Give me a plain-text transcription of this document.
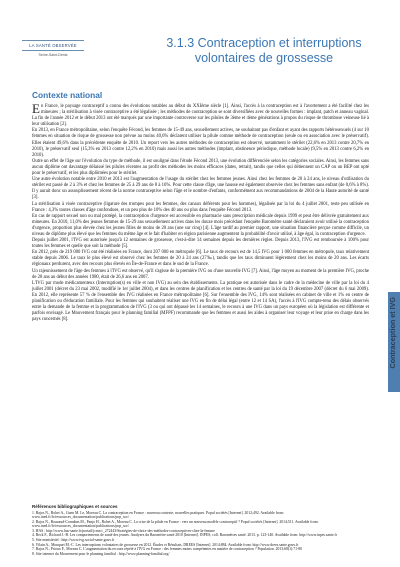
LA SANTÉ OBSERVÉE
Seine-Saint-Denis
3.1.3 Contraception et interruptions
volontaires de grossesse
Contexte national

En France, le paysage contraceptif a connu des évolutions notables au début du XXIème siècle [1]. Ainsi, l'accès à la contraception est à l'avortement a été facilité chez les mineures ; la stérilisation à visée contraceptive a été légalisée ; les méthodes de contraception se sont diversifiées avec de nouvelles formes : implant, patch et anneau vaginal. La fin de l'année 2012 et le début 2013 ont été marqués par une importante controverse sur les pilules de 3ème et 4ème générations à propos du risque de thrombose veineuse lié à leur utilisation [2].

En 2013, en France métropolitaine, selon l'enquête Fécond, les femmes de 15-49 ans, sexuellement actives, ne souhaitant pas d'enfant et ayant des rapports hétérosexuels (4 sur 10 femmes en situation de risque de grossesse non prévue au moins 40,6% déclarent utiliser la pilule comme méthode de contraception (seule ou en association avec le préservatif). Elles étaient 49,6% dans la précédente enquête de 2010. Un report vers les autres méthodes de contraception est observé, notamment le stérilet (22,6% en 2013 contre 20,7% en 2010), le préservatif seul (15,3% en 2013 contre 12,2% en 2010) mais aussi les autres méthodes (implant, abstinence périodique, méthode locale) (9,5% en 2013 contre 6,2% en 2010).

Outre un effet de l'âge sur l'évolution du type de méthode, il est souligné dans l'étude Fécond 2013, une évolution différenciée selon les catégories sociales. Ainsi, les femmes sans aucun diplôme ont davantage délaissé les pilules récentes au profit des méthodes les moins efficaces (dates, retrait), tandis que celles qui détiennent un CAP ou un BEP ont opté pour le préservatif, et les plus diplômées pour le stérilet.

Une autre évolution notable entre 2010 et 2013 est l'augmentation de l'usage du stérilet chez les femmes jeunes. Ainsi chez les femmes de 20 à 24 ans, le niveau d'utilisation du stérilet est passé de 2 à 3% et chez les femmes de 25 à 29 ans de 8 à 16%. Pour cette classe d'âge, une hausse est également observée chez les femmes sans enfant (de 0,6% à 8%). Il y aurait donc un assouplissement récent de la norme contraceptive selon l'âge et le nombre d'enfants, conformément aux recommandations de 2004 de la Haute autorité de santé [3].

La stérilisation à visée contraceptive (ligature des trompes pour les femmes, des canaux déférents pour les hommes), légalisée par la loi du 4 juillet 2001, reste peu utilisée en France : 4,3% toutes classes d'âge confondues, et un peu plus de 10% des 40 ans ou plus dans l'enquête Fécond 2013.

En cas de rapport sexuel non ou mal protégé, la contraception d'urgence est accessible en pharmacie sans prescription médicale depuis 1999 et peut être délivrée gratuitement aux mineures. En 2010, 11,0% des jeunes femmes de 15-29 ans sexuellement actives dans les douze mois précédant l'enquête Baromètre santé déclaraient avoir utilisé la contraception d'urgence, proportion plus élevée chez les jeunes filles de moins de 20 ans (une sur cinq) [4]. L'âge tardif au premier rapport, une situation financière perçue comme difficile, un niveau de diplôme plus élevé que les femmes du même âge et le fait d'habiter en région parisienne augmentent la probabilité d'avoir utilisé, à âge égal, la contraception d'urgence.

Depuis juillet 2001, l'IVG est autorisée jusqu'à 12 semaines de grossesse, c'est-à-dire 14 semaines depuis les dernières règles. Depuis 2013, l'IVG est remboursée à 100% pour toutes les femmes et quelle que soit la méthode [5].

En 2012, près de 219 000 IVG ont été réalisées en France, dont 207 000 en métropole [6]. Le taux de recours est de 14,5 IVG pour 1 000 femmes en métropole, taux relativement stable depuis 2006. Le taux le plus élevé est observé chez les femmes de 20 à 24 ans (27‰), tandis que les taux diminuent légèrement chez les moins de 20 ans. Les écarts régionaux perdurent, avec des recours plus élevés en Île-de-France et dans le sud de la France.

Un rajeunissement de l'âge des femmes à l'IVG est observé, qu'il s'agisse de la première IVG ou d'une nouvelle IVG [7]. Ainsi, l'âge moyen au moment de la première IVG, proche de 28 ans au début des années 1980, était de 26,6 ans en 2007.

L'IVG par mode médicamenteux (Interruption(s) en ville et non IVG) au sein des établissements. La pratique est autorisée dans le cadre de la médecine de ville par la loi du 4 juillet 2001 (décret du 23 mai 2002, modifié le 1er juillet 2004), et dans les centres de planification et les centres de santé par la loi du 19 décembre 2007 (décret du 6 mai 2009). En 2012, elle représente 57 % de l'ensemble des IVG réalisées en France métropolitaine [6]. Sur l'ensemble des IVG, 14% sont réalisées en cabinet de ville et 1% en centre de planification ou d'éducation familiale. Pour les femmes qui souhaitent réaliser une IVG en fin de délai légal (entre 12 et 14 SA), l'accès à l'IVG compte-tenu des délais observés entre la demande de la femme et la programmation de l'IVG (3 ou qui ont dépassé les 14 semaines, le recours à une IVG dans un pays européen où la législation est différente et parfois envisagé. Le Mouvement français pour le planning familial (MFPF) recommande que les femmes et aussi les aides à organiser leur voyage et leur prise en charge dans les pays concernés [8].

Références bibliographiques et sources
1. Bajos N., Bohet A., Guen M. Le, Moreau C. La contraception en France : nouveau contexte, nouvelles pratiques. Popul sociétés [Internet]. 2012;492. Available from: www.ined.fr/fr/ressources_documentation/publications/pop_soc/
2. Bajos N., Rouzaud-Cornabas M., Panjo H., Bohet A., Moreau C. La crise de la pilule en France : vers un nouveau modèle contraceptif ? Popul sociétés [Internet]. 2014;511. Available from: www.ined.fr/fr/ressources_documentation/publications/pop_soc/
3. HAS : http://www.has-sante.fr/portail/jcms/c_272443/Stratégies-de-choix-des-méthodes-contraceptives-chez-la-femme
4. Beck F., Richard J.-B. Les comportements de santé des jeunes. Analyses du Baromètre santé 2010 [Internet]. INPES; coll. Baromètres santé. 2013. p. 123-140. Available from: http://www.inpes.sante.fr
5. Site ministériel : http://www.ivg.social-sante.gouv.fr
6. Vilain A., Mouquet M.-C. Les interruptions volontaires de grossesse en 2012. Études et Résultats, DREES [Internet]. 2014;884. Available from: http://www.drees.sante.gouv.fr
7. Bajos N., Prioux F., Moreau C. L'augmentation du recours répété à l'IVG en France : des femmes moins compétentes en matière de contraception ? Population. 2013;68(1):71-80
8. Site internet du Mouvement pour le planning familial : http://www.planning-familial.org/
Contraception et IVG
